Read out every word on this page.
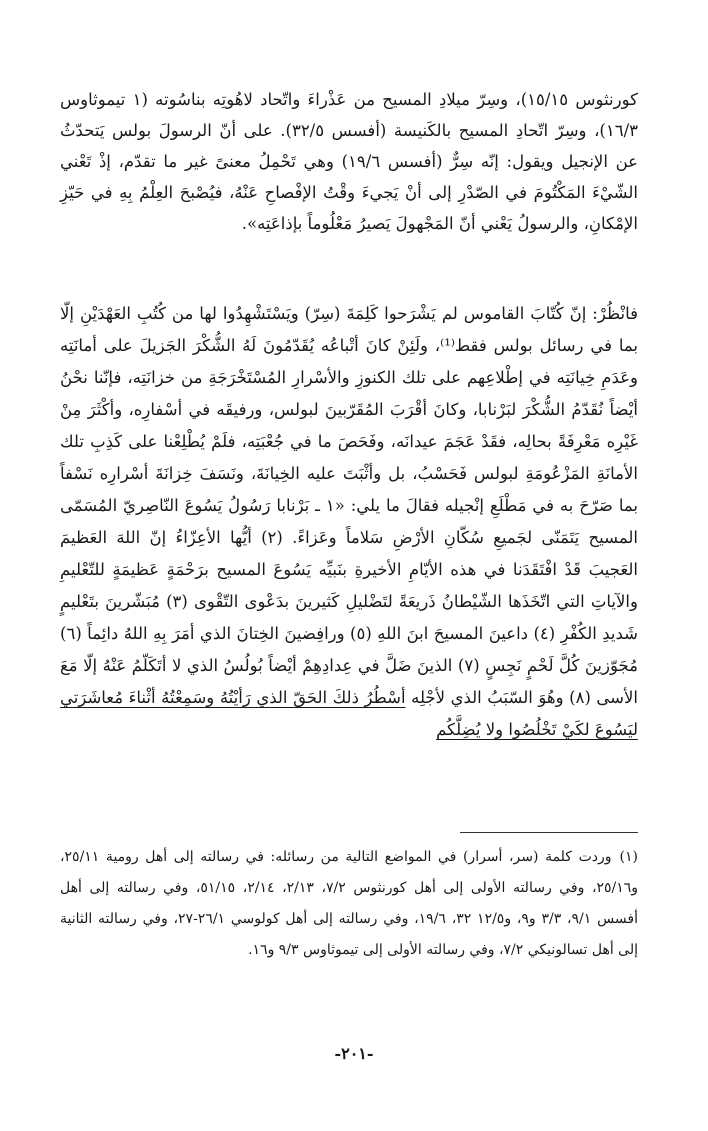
كورنثوس ١٥/١٥)، وسِرّ ميلادِ المسيح من عَذْراءَ واتّحاد لاهُوتِه بناسُوته (١ تيموثاوس ١٦/٣)، وسِرّ اتّحادِ المسيح بالكَنيسة (أفسس ٣٢/٥). على أنّ الرسولَ بولس يَتحدّثُ عن الإنجيل ويقول: إنّه سِرٌّ (أفسس ١٩/٦) وهي تَحْمِلُ معنىً غير ما تقدّم، إذْ تَعْني الشّيْءَ المَكْتُومَ في الصّدْرِ إلى أنْ يَجيءَ وقْتُ الإفْصاحِ عَنْهُ، فيُصْبحَ العِلْمُ بِهِ في حَيّزِ الإمْكانِ، والرسولُ يَعْني أنّ المَجْهولَ يَصيرُ مَعْلُوماً بإذاعَتِه».

فانْظُرْ: إنّ كُتّابَ القاموس لم يَشْرَحوا كَلِمَةَ (سِرّ) ويَسْتَشْهِدُوا لها من كُتُبِ العَهْدَيْنِ إلّا بما في رسائل بولس فقط⁽¹⁾، ولَئِنْ كانَ أتْباعُه يُقَدّمُونَ لَهُ الشُّكْرَ الجَزيلَ على أمانَتِه وعَدَمِ خِيانَتِه في إطْلاعِهم على تلك الكنوزِ والأسْرارِ المُسْتَخْرَجَةِ من خزانَتِه، فإنّنا نحْنُ أيْضاً نُقَدّمُ الشُّكْرَ لبَرْنابا، وكانَ أقْرَبَ المُقَرّبينَ لبولس، ورفيقَه في أسْفارِه، وأكْثَرَ مِنْ غَيْرِه مَعْرِفَةً بحالِه، فقَدْ عَجَمَ عيدانَه، وفَحَصَ ما في جُعْبَتِه، فلَمْ يُطْلِعْنا على كَذِبِ تلك الأمانَةِ المَزْعُومَةِ لبولس فَحَسْبُ، بل وأثْبَتَ عليه الخِيانَةَ، ونَسَفَ خِزانَةَ أسْرارِه نَسْفاً بما صَرّحَ به في مَطْلَعِ إنْجيله فقالَ ما يلي: «١ ـ بَرْنابا رَسُولُ يَسُوعَ النّاصِريّ المُسَمّى المسيح يَتَمَنّى لجَميعِ سُكّانِ الأرْضِ سَلاماً وعَزاءً. (٢) أيُّها الأعِزّاءُ إنّ اللهَ العَظيمَ العَجيبَ قَدْ افْتَقَدَنا في هذه الأيّامِ الأخيرةِ بنَبيِّه يَسُوعَ المسيح برَحْمَةٍ عَظيمَةٍ للتّعْليمِ والآياتِ التي اتّخَذَها الشّيْطانُ ذَريعَةً لتَضْليلِ كَثيرينَ بدَعْوى التّقْوى (٣) مُبَشّرينَ بتَعْليمٍ شَديدِ الكُفْرِ (٤) داعينَ المسيحَ ابنَ اللهِ (٥) ورافِضينَ الخِتانَ الذي أمَرَ بِهِ اللهُ دائِماً (٦) مُجَوّزينَ كُلَّ لَحْمٍ نَجِسٍ (٧) الذينَ ضَلَّ في عِدادِهِمْ أيْضاً بُولُسُ الذي لا أتَكَلّمُ عَنْهُ إلّا مَعَ الأسى (٨) وهُوَ السّبَبُ الذي لأجْلِه أسْطُرُ ذلكَ الحَقّ الذي رَأيْتُهُ وسَمِعْتُهُ أثْناءَ مُعاشَرَتي ليَسُوعَ لكَيْ تَخْلُصُوا ولا يُضِلَّكُم

(١)وردت كلمة (سر، أسرار) في المواضع التالية من رسائله: في رسالته إلى أهل رومية ٢٥/١١، و٢٥/١٦، وفي رسالته الأولى إلى أهل كورنثوس ٧/٢، ٢/١٣، ٢/١٤، ٥١/١٥، وفي رسالته إلى أهل أفسس ٩/١، ٣/٣ و٩، و١٢/٥ ٣٢، ١٩/٦، وفي رسالته إلى أهل كولوسي ٢٦/١-٢٧، وفي رسالته الثانية إلى أهل تسالونيكي ٧/٢، وفي رسالته الأولى إلى تيموثاوس ٩/٣ و١٦.

-٢٠١-
